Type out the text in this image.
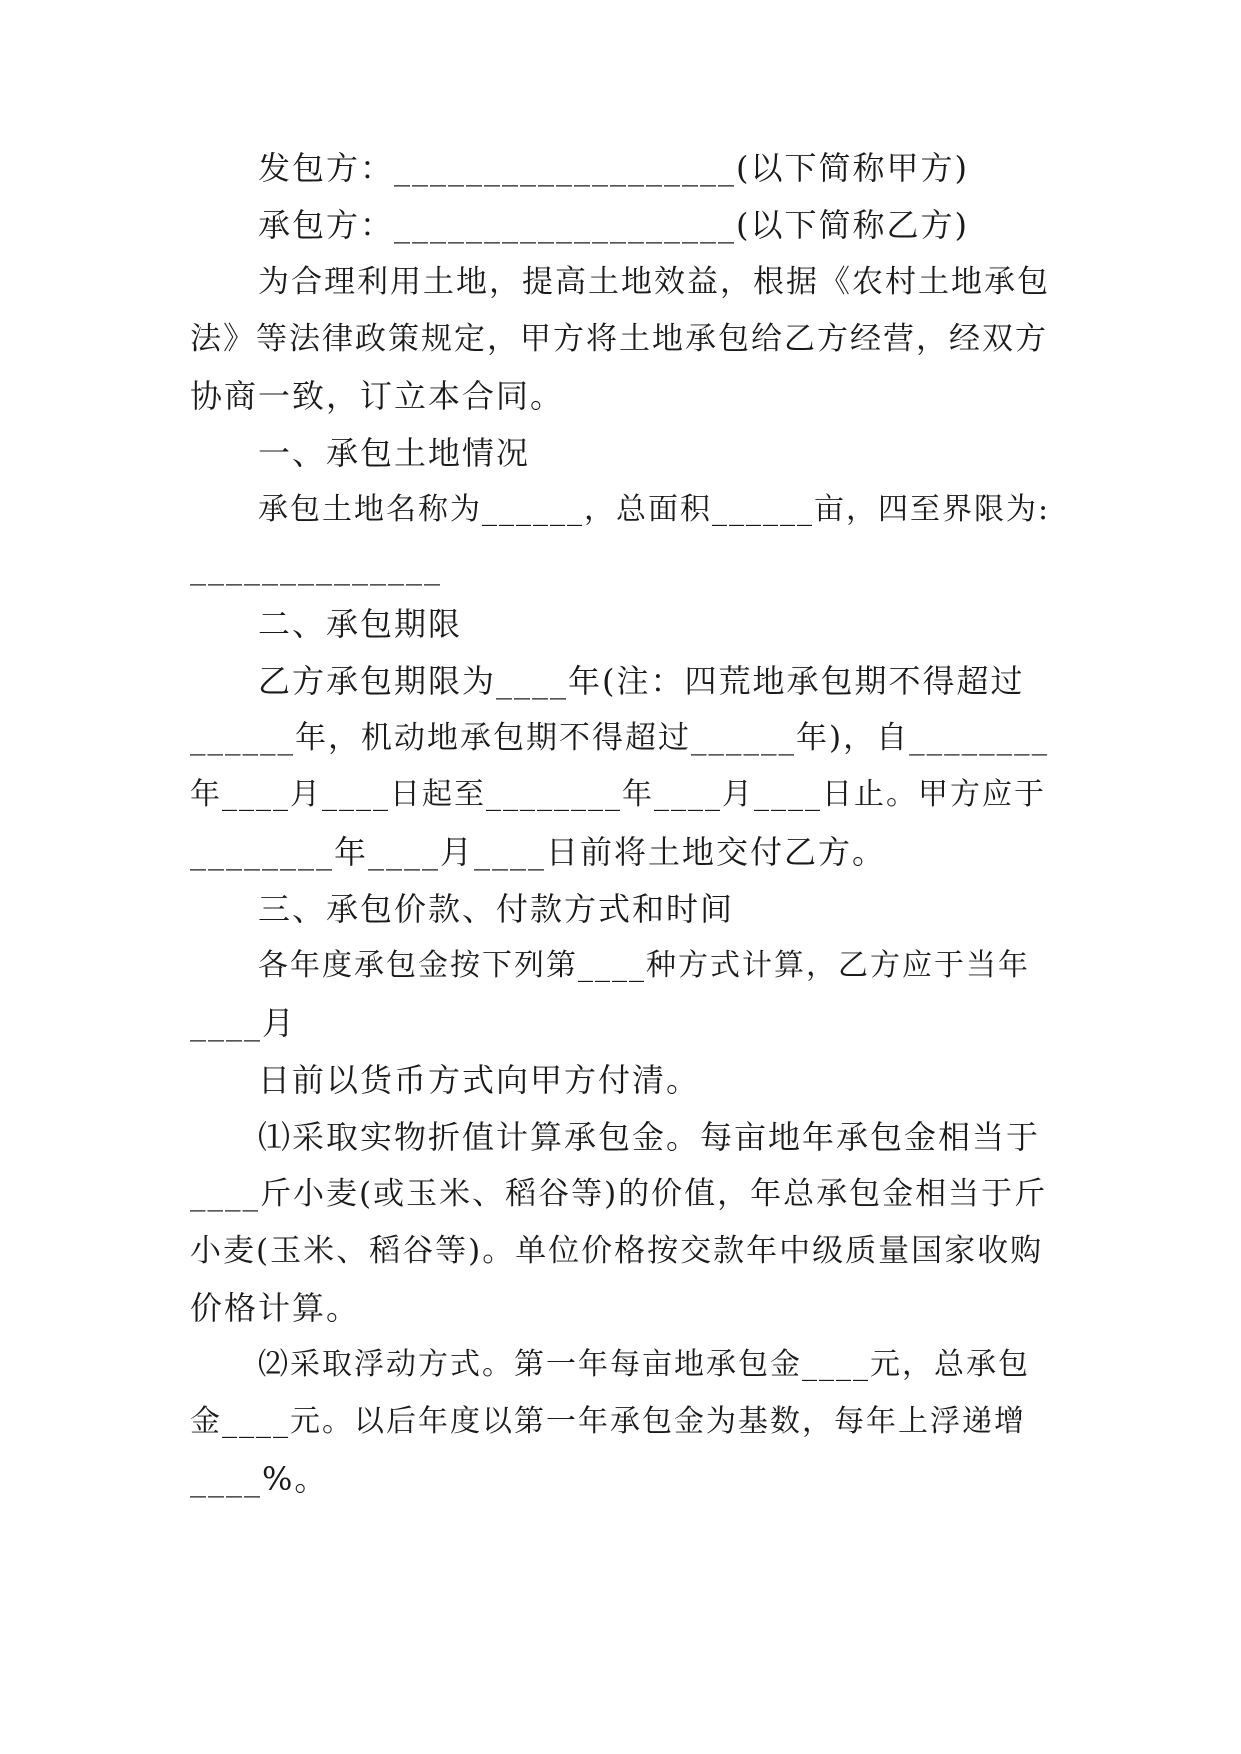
发包方：___________________(以下简称甲方)
承包方：___________________(以下简称乙方)
为合理利用土地，提高土地效益，根据《农村土地承包
法》等法律政策规定，甲方将土地承包给乙方经营，经双方
协商一致，订立本合同。
一、承包土地情况
承包土地名称为______，总面积______亩，四至界限为:
______________
二、承包期限
乙方承包期限为____年(注：四荒地承包期不得超过
______年，机动地承包期不得超过______年)，自________
年____月____日起至________年____月____日止。甲方应于
________年____月____日前将土地交付乙方。
三、承包价款、付款方式和时间
各年度承包金按下列第____种方式计算，乙方应于当年
____月
日前以货币方式向甲方付清。
⑴采取实物折值计算承包金。每亩地年承包金相当于
____斤小麦(或玉米、稻谷等)的价值，年总承包金相当于斤
小麦(玉米、稻谷等)。单位价格按交款年中级质量国家收购
价格计算。
⑵采取浮动方式。第一年每亩地承包金____元，总承包
金____元。以后年度以第一年承包金为基数，每年上浮递增
____%。
